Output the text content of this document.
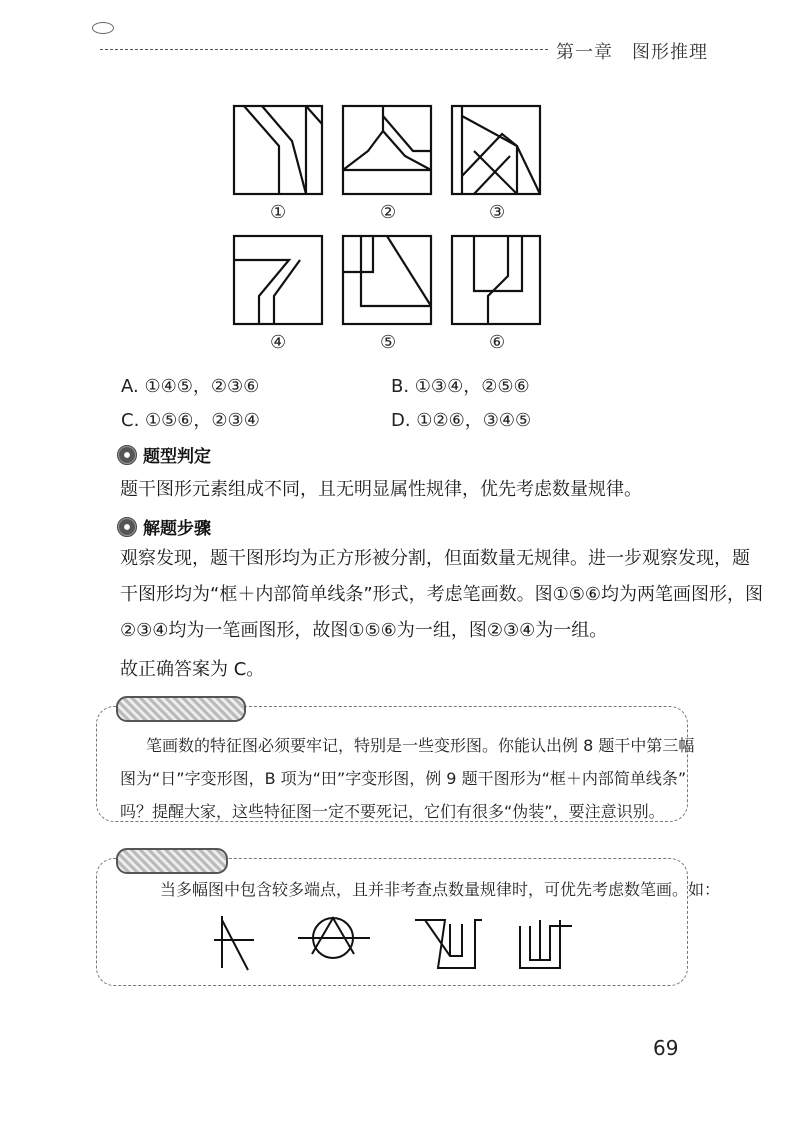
第一章　图形推理
①	②	③
④	⑤	⑥
A. ①④⑤，②③⑥	B. ①③④，②⑤⑥
C. ①⑤⑥，②③④	D. ①②⑥，③④⑤
题型判定
题干图形元素组成不同，且无明显属性规律，优先考虑数量规律。
解题步骤
观察发现，题干图形均为正方形被分割，但面数量无规律。进一步观察发现，题
干图形均为“框＋内部简单线条”形式，考虑笔画数。图①⑤⑥均为两笔画图形，图
②③④均为一笔画图形，故图①⑤⑥为一组，图②③④为一组。
故正确答案为 C。
笔画数的特征图必须要牢记，特别是一些变形图。你能认出例 8 题干中第三幅
图为“日”字变形图，B 项为“田”字变形图，例 9 题干图形为“框＋内部简单线条”
吗？提醒大家，这些特征图一定不要死记，它们有很多“伪装”，要注意识别。
当多幅图中包含较多端点，且并非考查点数量规律时，可优先考虑数笔画。如：
69
